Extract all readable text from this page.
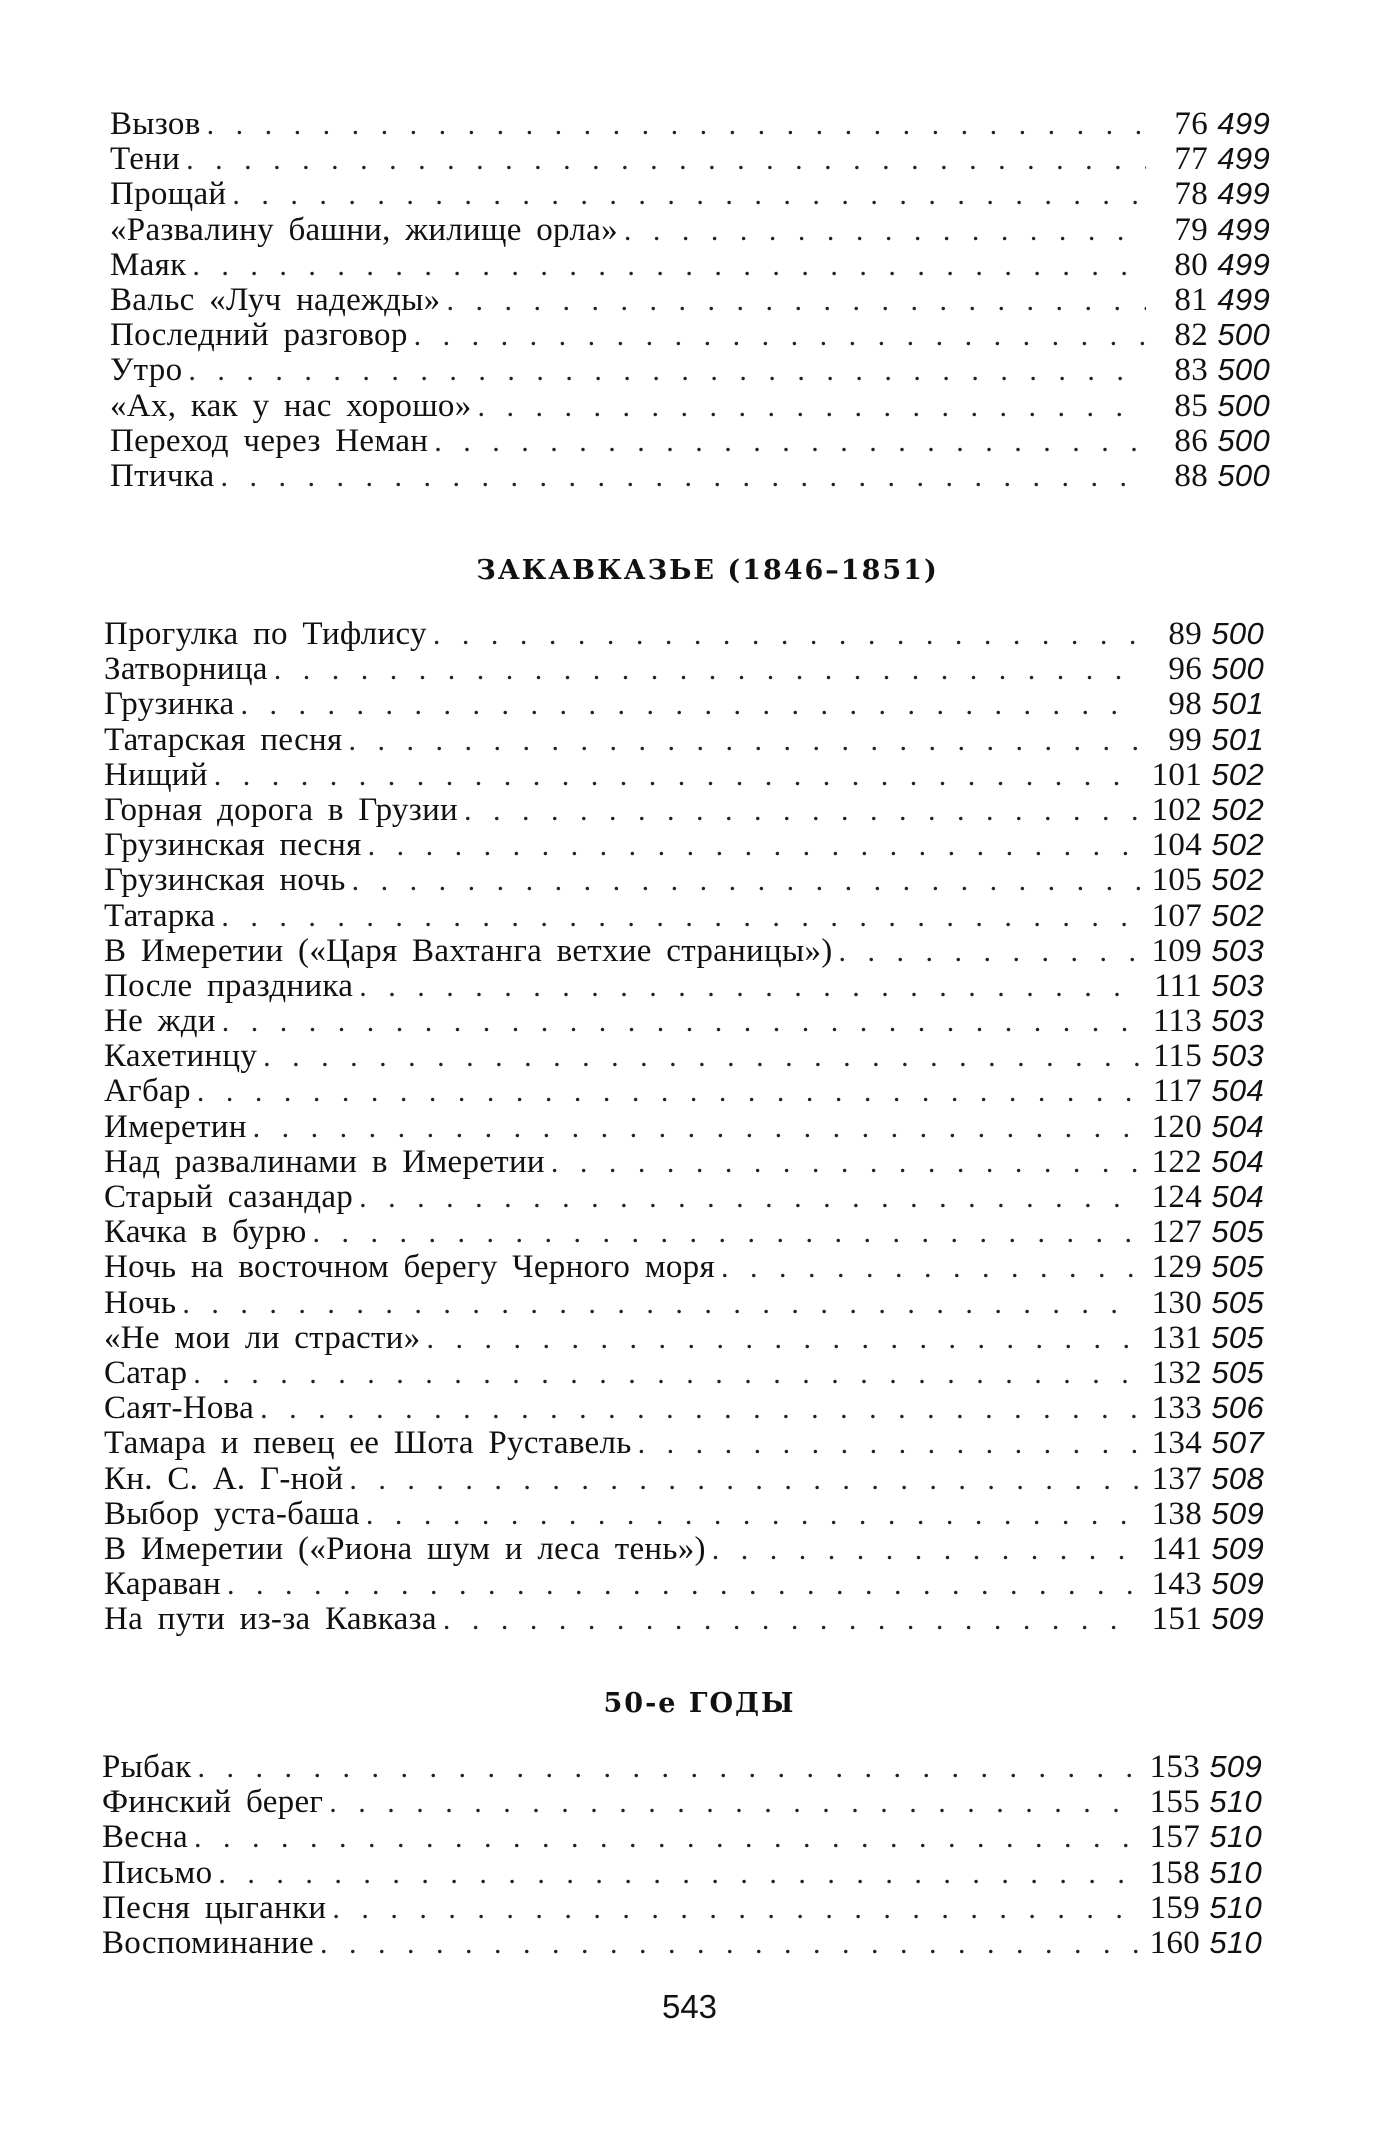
Вызов . . .	76 499
Тени . . .	77 499
Прощай . . .	78 499
«Развалину башни, жилище орла» . . .	79 499
Маяк . . .	80 499
Вальс «Луч надежды» . . .	81 499
Последний разговор . . .	82 500
Утро . . .	83 500
«Ах, как у нас хорошо» . . .	85 500
Переход через Неман . . .	86 500
Птичка . . .	88 500
ЗАКАВКАЗЬЕ (1846–1851)
Прогулка по Тифлису . . .	89 500
Затворница . . .	96 500
Грузинка . . .	98 501
Татарская песня . . .	99 501
Нищий . . .	101 502
Горная дорога в Грузии . . .	102 502
Грузинская песня . . .	104 502
Грузинская ночь . . .	105 502
Татарка . . .	107 502
В Имеретии («Царя Вахтанга ветхие страницы») . . .	109 503
После праздника . . .	111 503
Не жди . . .	113 503
Кахетинцу . . .	115 503
Агбар . . .	117 504
Имеретин . . .	120 504
Над развалинами в Имеретии . . .	122 504
Старый сазандар . . .	124 504
Качка в бурю . . .	127 505
Ночь на восточном берегу Черного моря . . .	129 505
Ночь . . .	130 505
«Не мои ли страсти» . . .	131 505
Сатар . . .	132 505
Саят-Нова . . .	133 506
Тамара и певец ее Шота Руставель . . .	134 507
Кн. С. А. Г-ной . . .	137 508
Выбор уста-баша . . .	138 509
В Имеретии («Риона шум и леса тень») . . .	141 509
Караван . . .	143 509
На пути из-за Кавказа . . .	151 509
50-е ГОДЫ
Рыбак . . .	153 509
Финский берег . . .	155 510
Весна . . .	157 510
Письмо . . .	158 510
Песня цыганки . . .	159 510
Воспоминание . . .	160 510
543
